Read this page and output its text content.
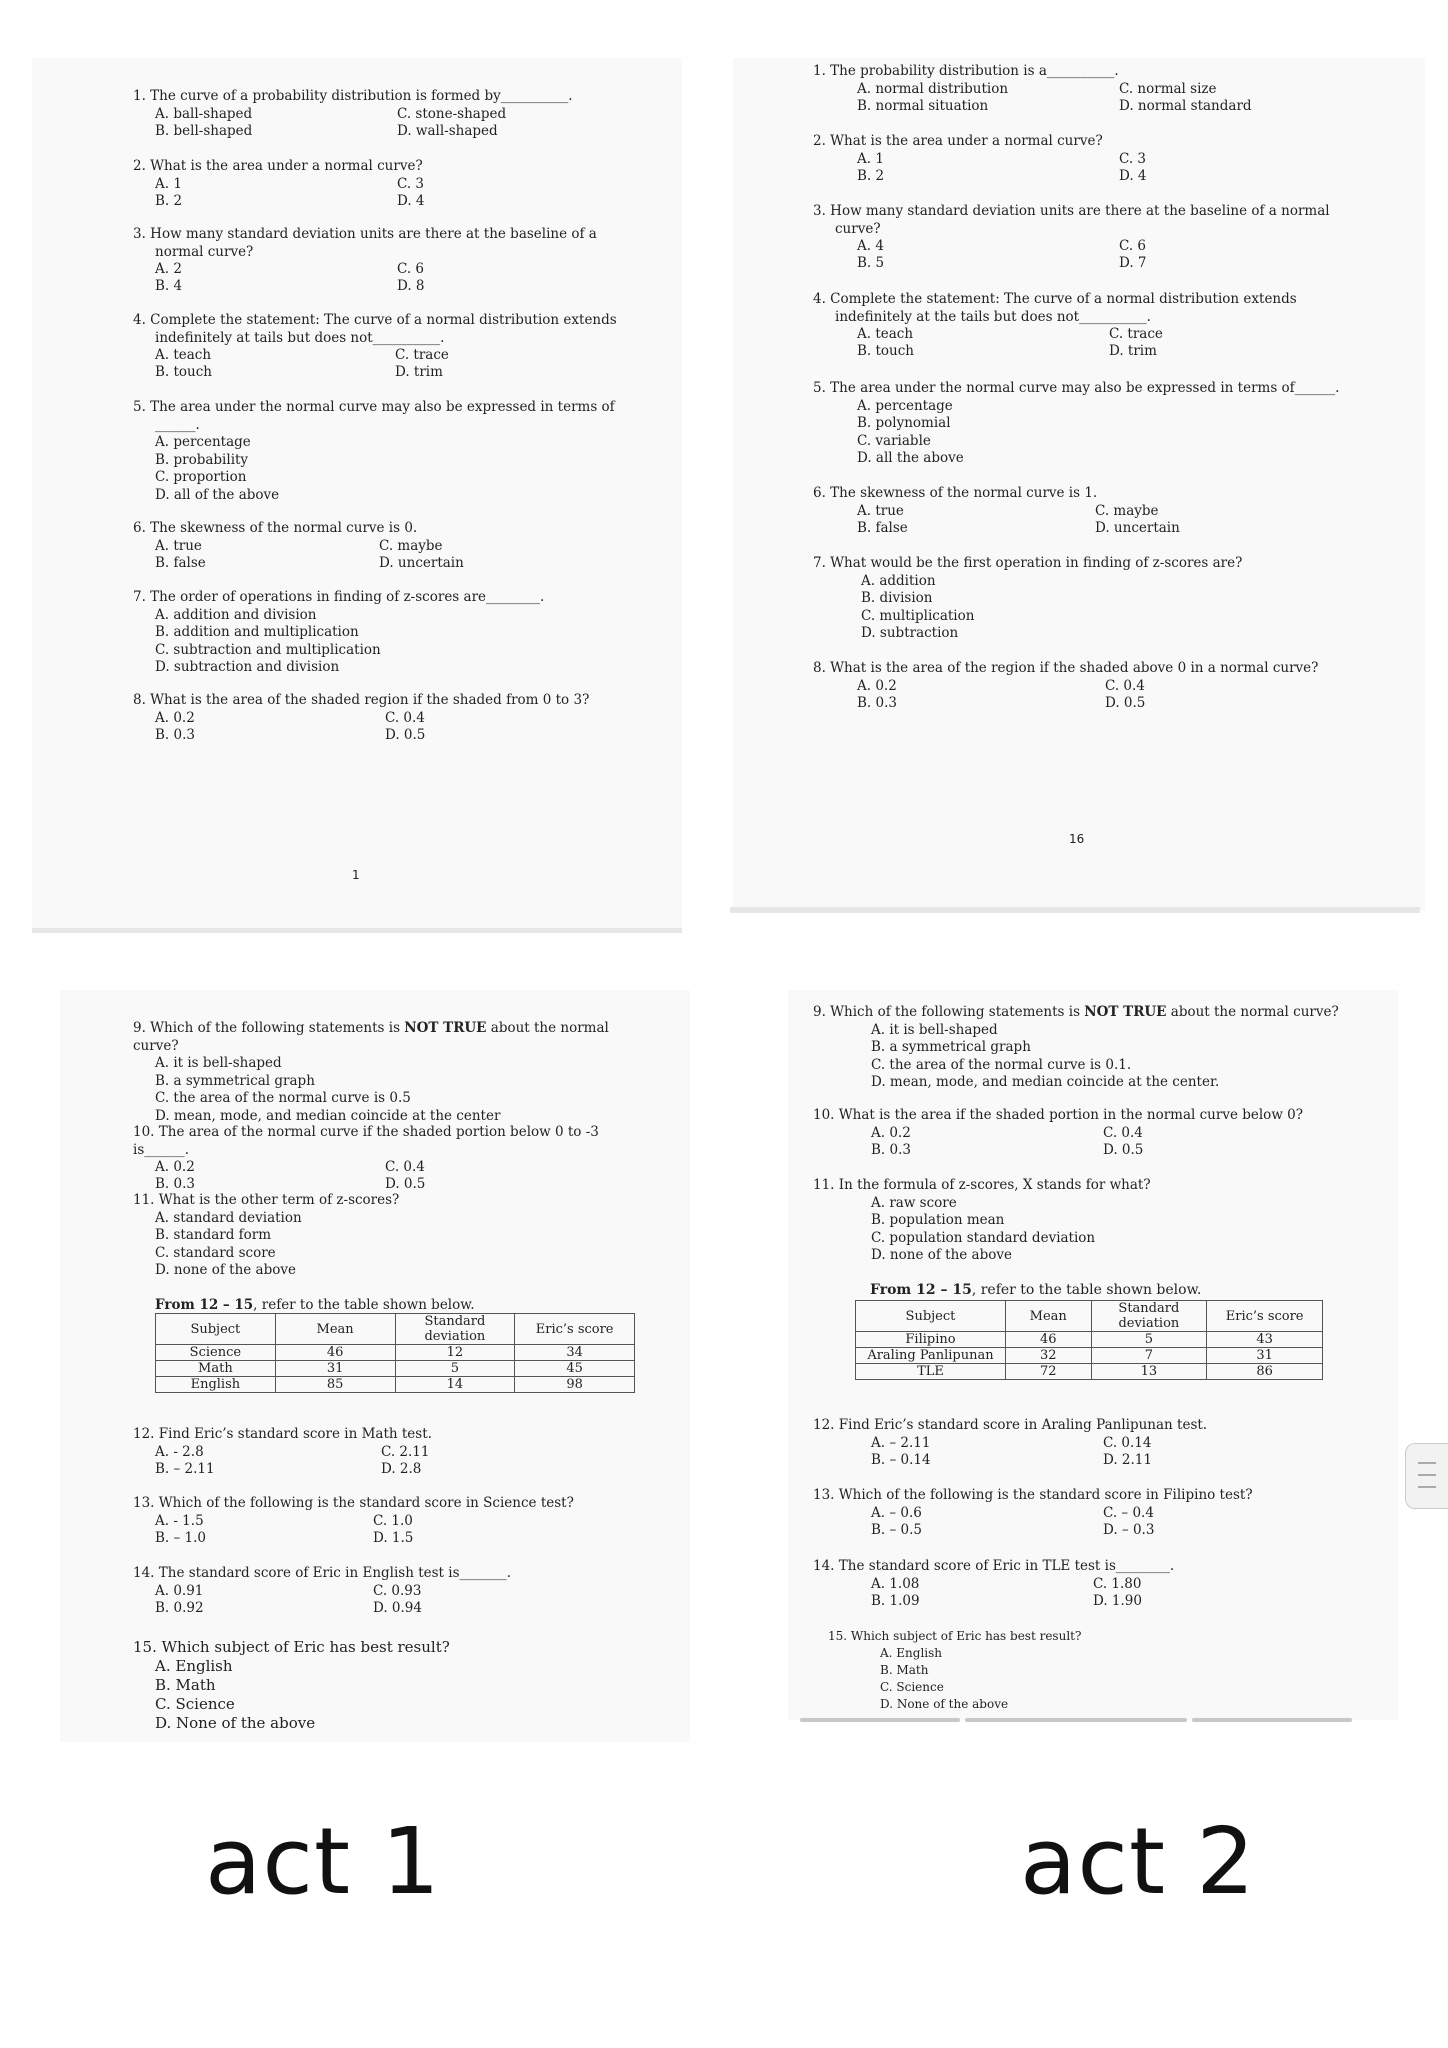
1. The curve of a probability distribution is formed by__________.
A. ball-shaped
B. bell-shaped
C. stone-shaped
D. wall-shaped
2. What is the area under a normal curve?
A. 1
B. 2
C. 3
D. 4
3. How many standard deviation units are there at the baseline of a normal curve?
A. 2
B. 4
C. 6
D. 8
4. Complete the statement: The curve of a normal distribution extends indefinitely at tails but does not__________.
A. teach
B. touch
C. trace
D. trim
5. The area under the normal curve may also be expressed in terms of ______.
A. percentage
B. probability
C. proportion
D. all of the above
6. The skewness of the normal curve is 0.
A. true
B. false
C. maybe
D. uncertain
7. The order of operations in finding of z-scores are________.
A. addition and division
B. addition and multiplication
C. subtraction and multiplication
D. subtraction and division
8. What is the area of the shaded region if the shaded from 0 to 3?
A. 0.2
B. 0.3
C. 0.4
D. 0.5
1
1. The probability distribution is a__________.
A. normal distribution
B. normal situation
C. normal size
D. normal standard
2. What is the area under a normal curve?
A. 1
B. 2
C. 3
D. 4
3. How many standard deviation units are there at the baseline of a normal curve?
A. 4
B. 5
C. 6
D. 7
4. Complete the statement: The curve of a normal distribution extends indefinitely at the tails but does not__________.
A. teach
B. touch
C. trace
D. trim
5. The area under the normal curve may also be expressed in terms of______.
A. percentage
B. polynomial
C. variable
D. all the above
6. The skewness of the normal curve is 1.
A. true
B. false
C. maybe
D. uncertain
7. What would be the first operation in finding of z-scores are?
A. addition
B. division
C. multiplication
D. subtraction
8. What is the area of the region if the shaded above 0 in a normal curve?
A. 0.2
B. 0.3
C. 0.4
D. 0.5
16
9. Which of the following statements is NOT TRUE about the normal curve?
A. it is bell-shaped
B. a symmetrical graph
C. the area of the normal curve is 0.5
D. mean, mode, and median coincide at the center
10. The area of the normal curve if the shaded portion below 0 to -3 is______.
A. 0.2
B. 0.3
C. 0.4
D. 0.5
11. What is the other term of z-scores?
A. standard deviation
B. standard form
C. standard score
D. none of the above
From 12 – 15, refer to the table shown below.
Subject	Mean	Standard deviation	Eric’s score
Science	46	12	34
Math	31	5	45
English	85	14	98
12. Find Eric’s standard score in Math test.
A. - 2.8
B. – 2.11
C. 2.11
D. 2.8
13. Which of the following is the standard score in Science test?
A. - 1.5
B. – 1.0
C. 1.0
D. 1.5
14. The standard score of Eric in English test is_______.
A. 0.91
B. 0.92
C. 0.93
D. 0.94
15. Which subject of Eric has best result?
A. English
B. Math
C. Science
D. None of the above
9. Which of the following statements is NOT TRUE about the normal curve?
A. it is bell-shaped
B. a symmetrical graph
C. the area of the normal curve is 0.1.
D. mean, mode, and median coincide at the center.
10. What is the area if the shaded portion in the normal curve below 0?
A. 0.2
B. 0.3
C. 0.4
D. 0.5
11. In the formula of z-scores, X stands for what?
A. raw score
B. population mean
C. population standard deviation
D. none of the above
From 12 – 15, refer to the table shown below.
Subject	Mean	Standard deviation	Eric’s score
Filipino	46	5	43
Araling Panlipunan	32	7	31
TLE	72	13	86
12. Find Eric’s standard score in Araling Panlipunan test.
A. – 2.11
B. – 0.14
C. 0.14
D. 2.11
13. Which of the following is the standard score in Filipino test?
A. – 0.6
B. – 0.5
C. – 0.4
D. – 0.3
14. The standard score of Eric in TLE test is________.
A. 1.08
B. 1.09
C. 1.80
D. 1.90
15. Which subject of Eric has best result?
A. English
B. Math
C. Science
D. None of the above
act 1	act 2
